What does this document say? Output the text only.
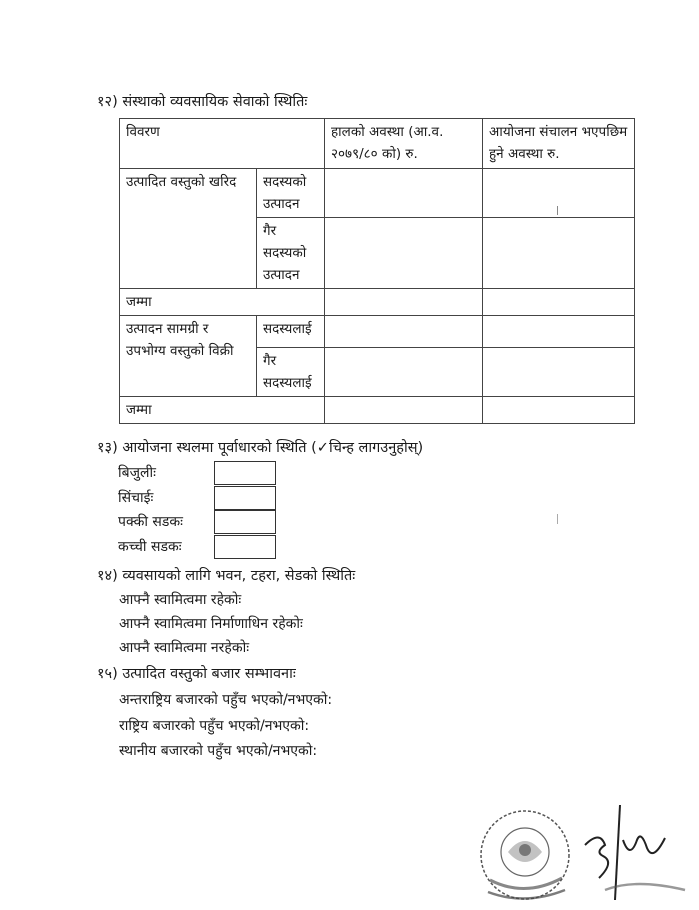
१२) संस्थाको व्यवसायिक सेवाको स्थितिः
विवरण		हालको अवस्था (आ.व. २०७९/८० को) रु.	आयोजना संचालन भएपछिम हुने अवस्था रु.
उत्पादित वस्तुको खरिद	सदस्यको उत्पादन		
	गैर सदस्यको उत्पादन		
जम्मा			
उत्पादन सामग्री र उपभोग्य वस्तुको विक्री	सदस्यलाई		
	गैर सदस्यलाई		
जम्मा			
१३) आयोजना स्थलमा पूर्वाधारको स्थिति (✓चिन्ह लागउनुहोस्)
बिजुलीः
सिंचाईः
पक्की सडकः
कच्ची सडकः
१४) व्यवसायको लागि भवन, टहरा, सेडको स्थितिः
आफ्नै स्वामित्वमा रहेकोः
आफ्नै स्वामित्वमा निर्माणाधिन रहेकोः
आफ्नै स्वामित्वमा नरहेकोः
१५) उत्पादित वस्तुको बजार सम्भावनाः
अन्तराष्ट्रिय बजारको पहुँच भएको/नभएको:
राष्ट्रिय बजारको पहुँच भएको/नभएको:
स्थानीय बजारको पहुँच भएको/नभएको:
